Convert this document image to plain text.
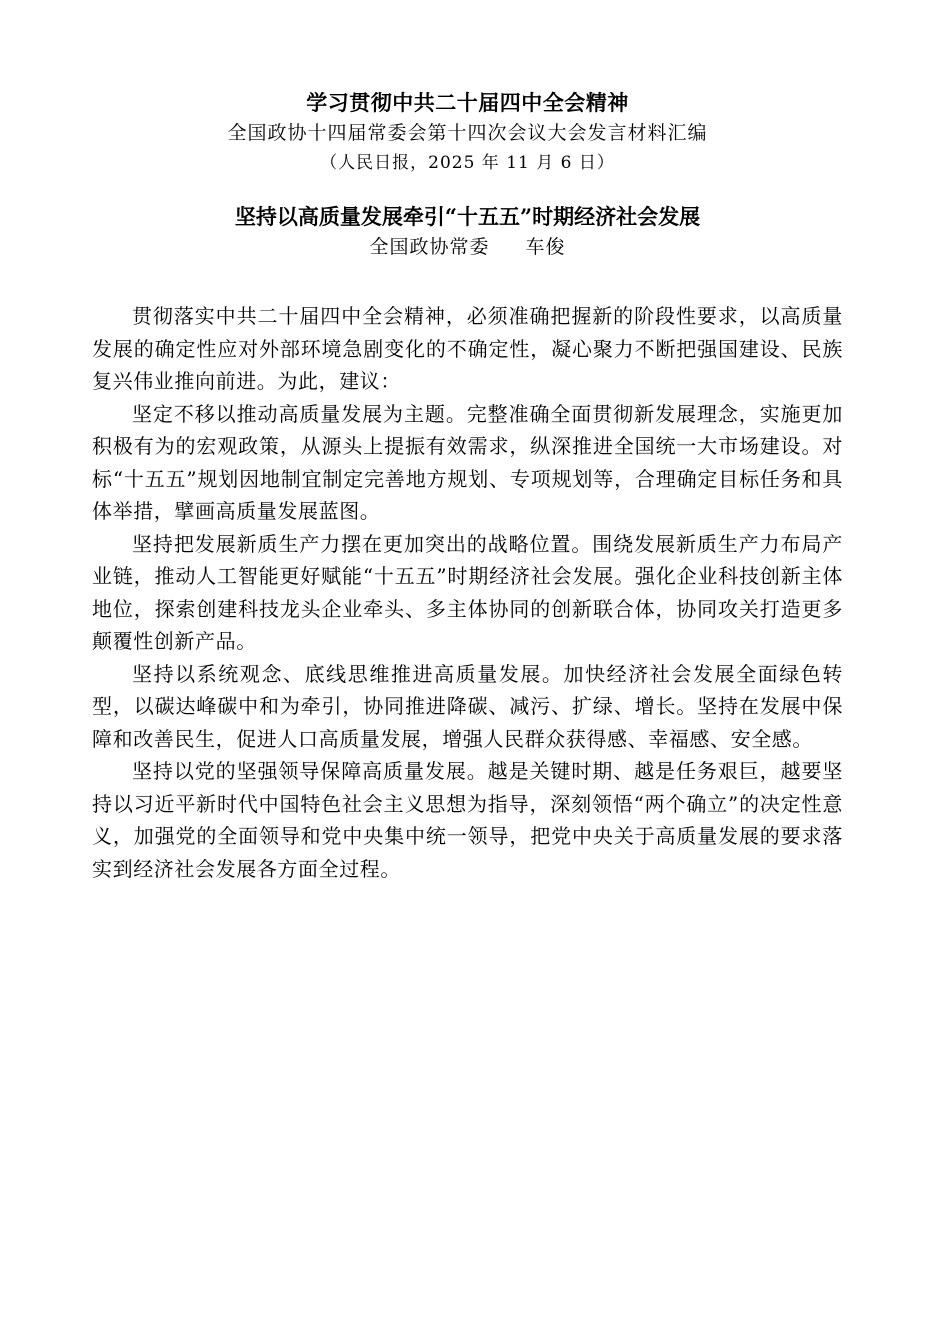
学习贯彻中共二十届四中全会精神

全国政协十四届常委会第十四次会议大会发言材料汇编

（人民日报，2025 年 11 月 6 日）

坚持以高质量发展牵引“十五五”时期经济社会发展

全国政协常委 车俊

贯彻落实中共二十届四中全会精神，必须准确把握新的阶段性要求，以高质量发展的确定性应对外部环境急剧变化的不确定性，凝心聚力不断把强国建设、民族复兴伟业推向前进。为此，建议：

坚定不移以推动高质量发展为主题。完整准确全面贯彻新发展理念，实施更加积极有为的宏观政策，从源头上提振有效需求，纵深推进全国统一大市场建设。对标“十五五”规划因地制宜制定完善地方规划、专项规划等，合理确定目标任务和具体举措，擘画高质量发展蓝图。

坚持把发展新质生产力摆在更加突出的战略位置。围绕发展新质生产力布局产业链，推动人工智能更好赋能“十五五”时期经济社会发展。强化企业科技创新主体地位，探索创建科技龙头企业牵头、多主体协同的创新联合体，协同攻关打造更多颠覆性创新产品。

坚持以系统观念、底线思维推进高质量发展。加快经济社会发展全面绿色转型，以碳达峰碳中和为牵引，协同推进降碳、减污、扩绿、增长。坚持在发展中保障和改善民生，促进人口高质量发展，增强人民群众获得感、幸福感、安全感。

坚持以党的坚强领导保障高质量发展。越是关键时期、越是任务艰巨，越要坚持以习近平新时代中国特色社会主义思想为指导，深刻领悟“两个确立”的决定性意义，加强党的全面领导和党中央集中统一领导，把党中央关于高质量发展的要求落实到经济社会发展各方面全过程。
